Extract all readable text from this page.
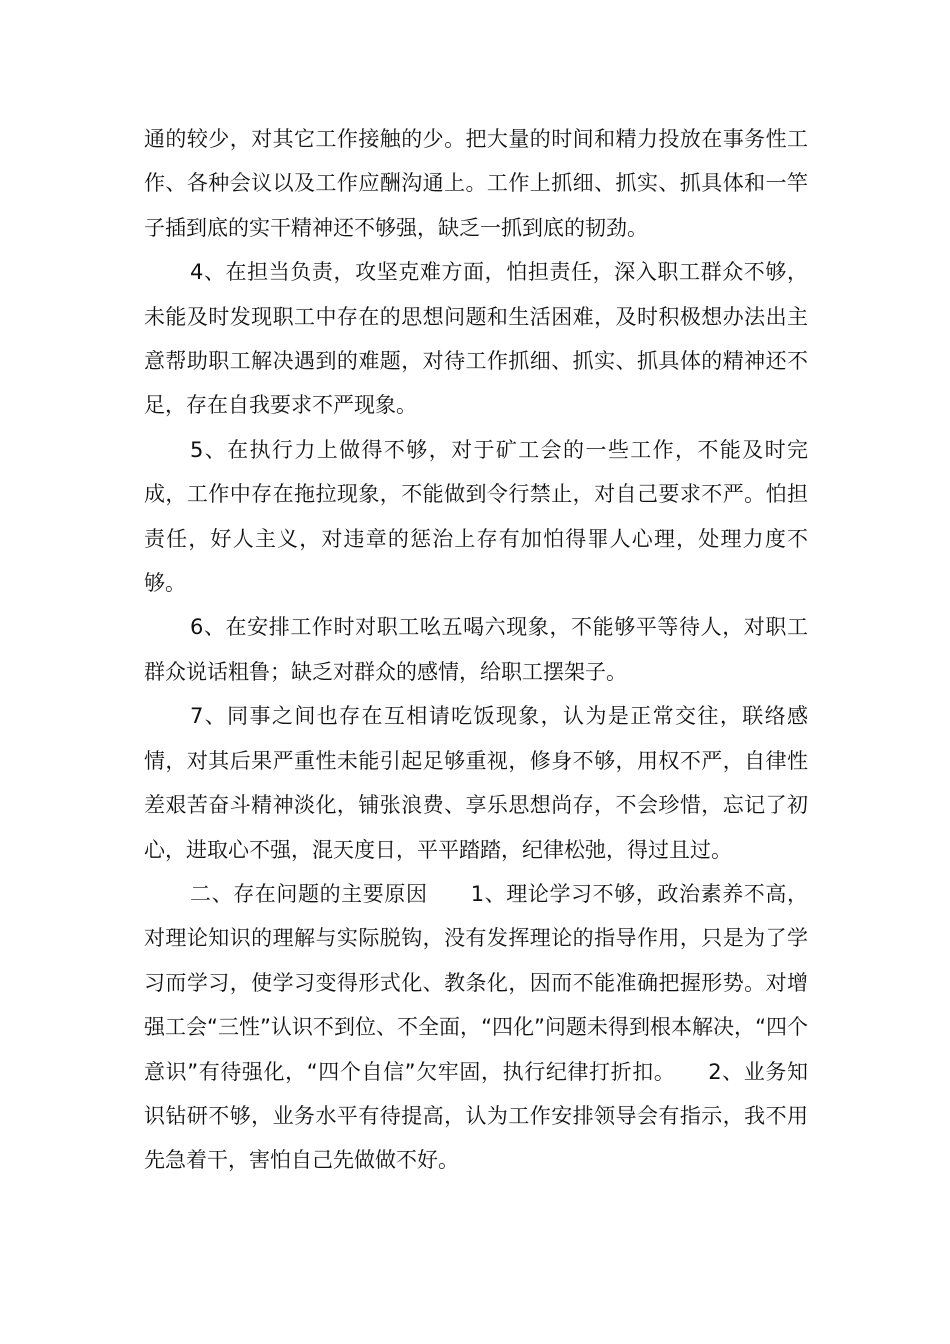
通的较少，对其它工作接触的少。把大量的时间和精力投放在事务性工作、各种会议以及工作应酬沟通上。工作上抓细、抓实、抓具体和一竿子插到底的实干精神还不够强，缺乏一抓到底的韧劲。

4、在担当负责，攻坚克难方面，怕担责任，深入职工群众不够，未能及时发现职工中存在的思想问题和生活困难，及时积极想办法出主意帮助职工解决遇到的难题，对待工作抓细、抓实、抓具体的精神还不足，存在自我要求不严现象。

5、在执行力上做得不够，对于矿工会的一些工作，不能及时完成，工作中存在拖拉现象，不能做到令行禁止，对自己要求不严。怕担责任，好人主义，对违章的惩治上存有加怕得罪人心理，处理力度不够。

6、在安排工作时对职工吆五喝六现象，不能够平等待人，对职工群众说话粗鲁；缺乏对群众的感情，给职工摆架子。

7、同事之间也存在互相请吃饭现象，认为是正常交往，联络感情，对其后果严重性未能引起足够重视，修身不够，用权不严，自律性差艰苦奋斗精神淡化，铺张浪费、享乐思想尚存，不会珍惜，忘记了初心，进取心不强，混天度日，平平踏踏，纪律松弛，得过且过。

二、存在问题的主要原因　　1、理论学习不够，政治素养不高，对理论知识的理解与实际脱钩，没有发挥理论的指导作用，只是为了学习而学习，使学习变得形式化、教条化，因而不能准确把握形势。对增强工会“三性”认识不到位、不全面，“四化”问题未得到根本解决，“四个意识”有待强化，“四个自信”欠牢固，执行纪律打折扣。　　2、业务知识钻研不够，业务水平有待提高，认为工作安排领导会有指示，我不用先急着干，害怕自己先做做不好。
